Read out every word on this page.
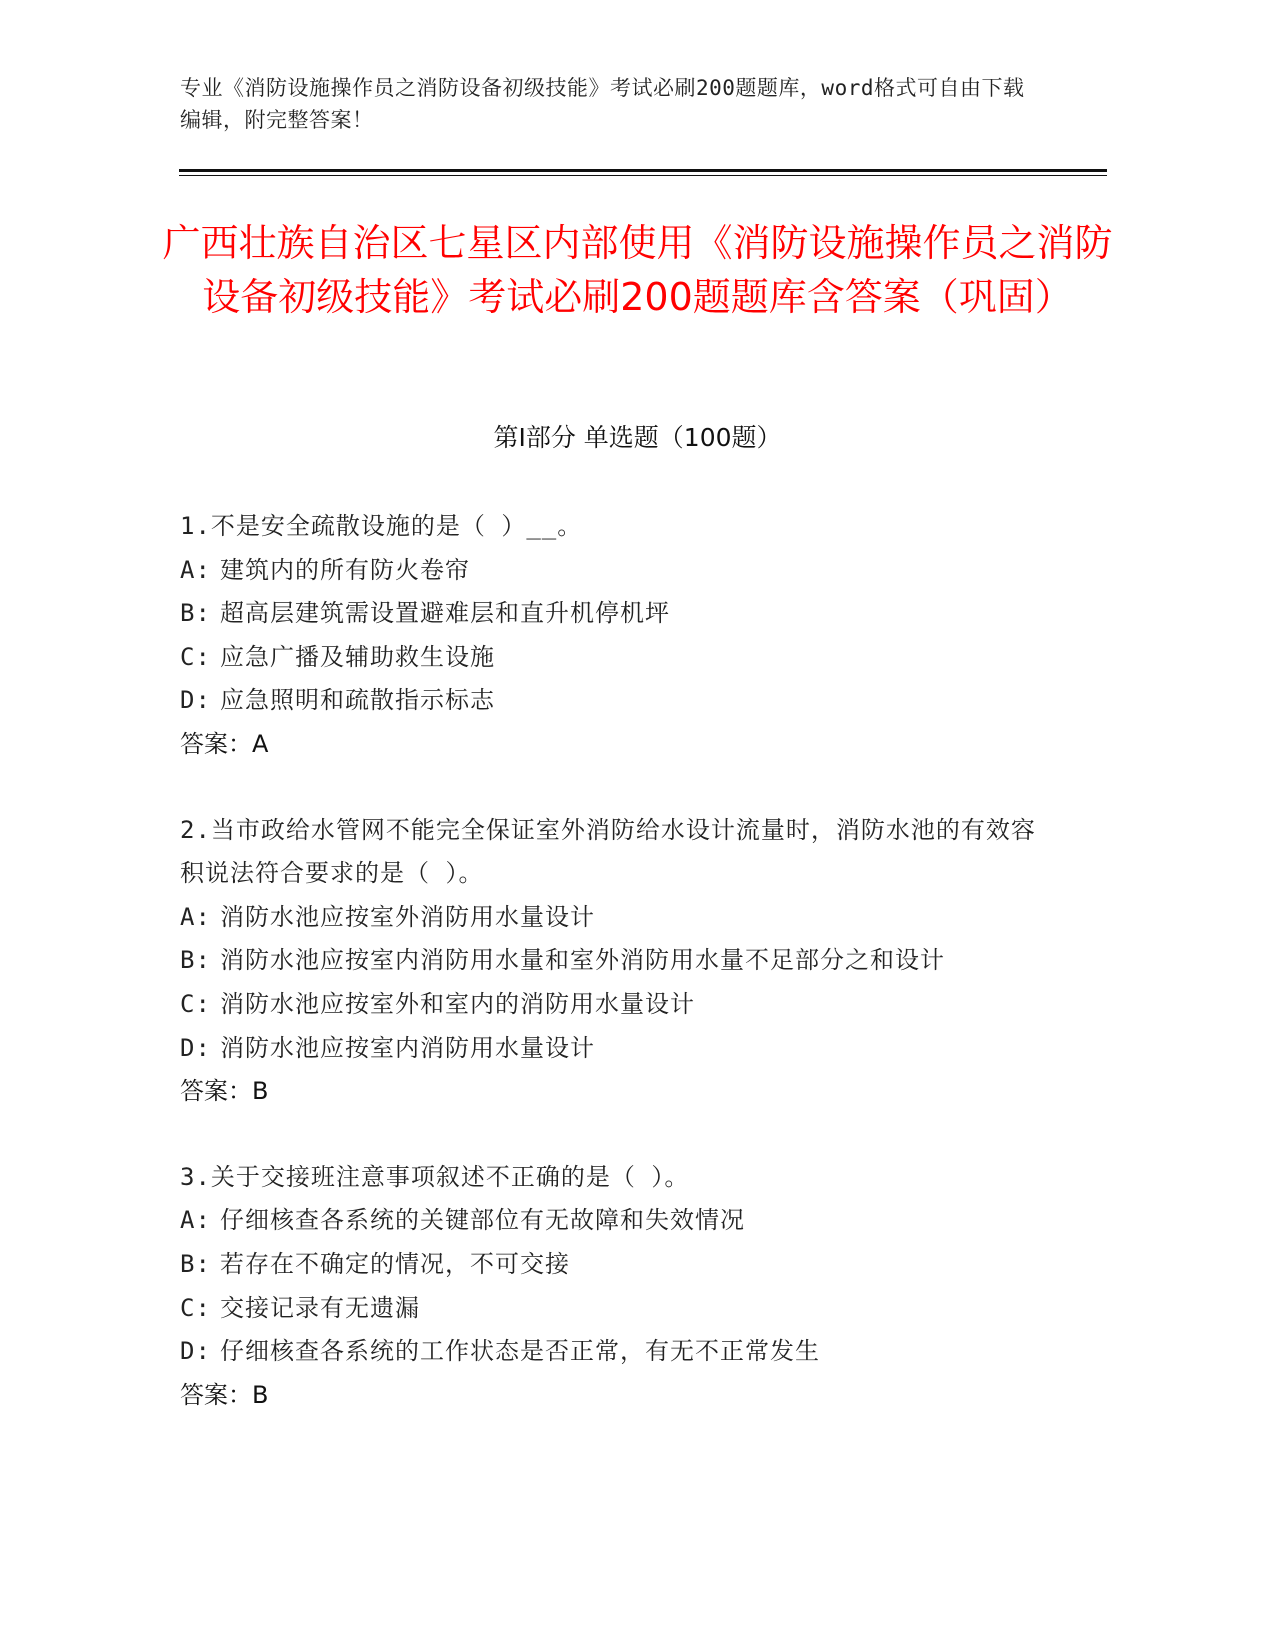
专业《消防设施操作员之消防设备初级技能》考试必刷200题题库，word格式可自由下载编辑，附完整答案！
广西壮族自治区七星区内部使用《消防设施操作员之消防设备初级技能》考试必刷200题题库含答案（巩固）
第Ⅰ部分 单选题（100题）
1.不是安全疏散设施的是（ ）__。
A: 建筑内的所有防火卷帘
B: 超高层建筑需设置避难层和直升机停机坪
C: 应急广播及辅助救生设施
D: 应急照明和疏散指示标志
答案：A
2.当市政给水管网不能完全保证室外消防给水设计流量时，消防水池的有效容积说法符合要求的是（ ）。
A: 消防水池应按室外消防用水量设计
B: 消防水池应按室内消防用水量和室外消防用水量不足部分之和设计
C: 消防水池应按室外和室内的消防用水量设计
D: 消防水池应按室内消防用水量设计
答案：B
3.关于交接班注意事项叙述不正确的是（ ）。
A: 仔细核查各系统的关键部位有无故障和失效情况
B: 若存在不确定的情况，不可交接
C: 交接记录有无遗漏
D: 仔细核查各系统的工作状态是否正常，有无不正常发生
答案：B
